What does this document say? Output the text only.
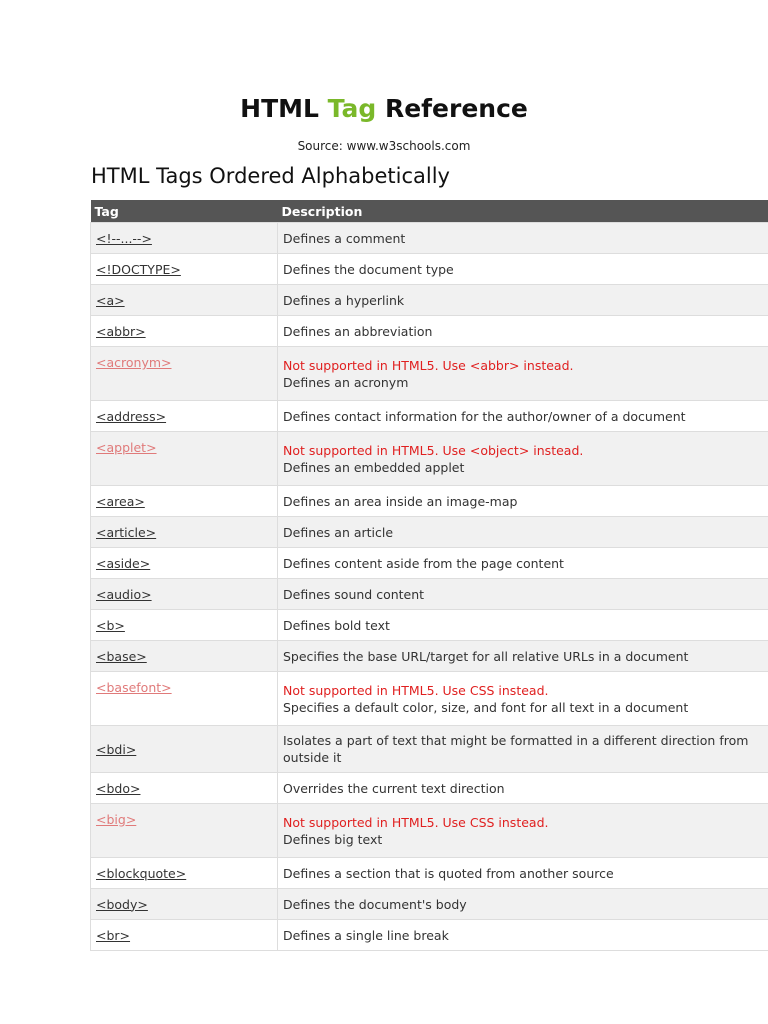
HTML Tag Reference
Source: www.w3schools.com
HTML Tags Ordered Alphabetically
Tag	Description
<!--...-->	Defines a comment

<!DOCTYPE>	Defines the document type

<a>	Defines a hyperlink

<abbr>	Defines an abbreviation

<acronym>	Not supported in HTML5. Use <abbr> instead.
Defines an acronym

<address>	Defines contact information for the author/owner of a document

<applet>	Not supported in HTML5. Use <object> instead.
Defines an embedded applet

<area>	Defines an area inside an image-map

<article>	Defines an article

<aside>	Defines content aside from the page content

<audio>	Defines sound content

<b>	Defines bold text

<base>	Specifies the base URL/target for all relative URLs in a document

<basefont>	Not supported in HTML5. Use CSS instead.
Specifies a default color, size, and font for all text in a document

<bdi>	Isolates a part of text that might be formatted in a different direction from
outside it

<bdo>	Overrides the current text direction

<big>	Not supported in HTML5. Use CSS instead.
Defines big text

<blockquote>	Defines a section that is quoted from another source

<body>	Defines the document's body

<br>	Defines a single line break
